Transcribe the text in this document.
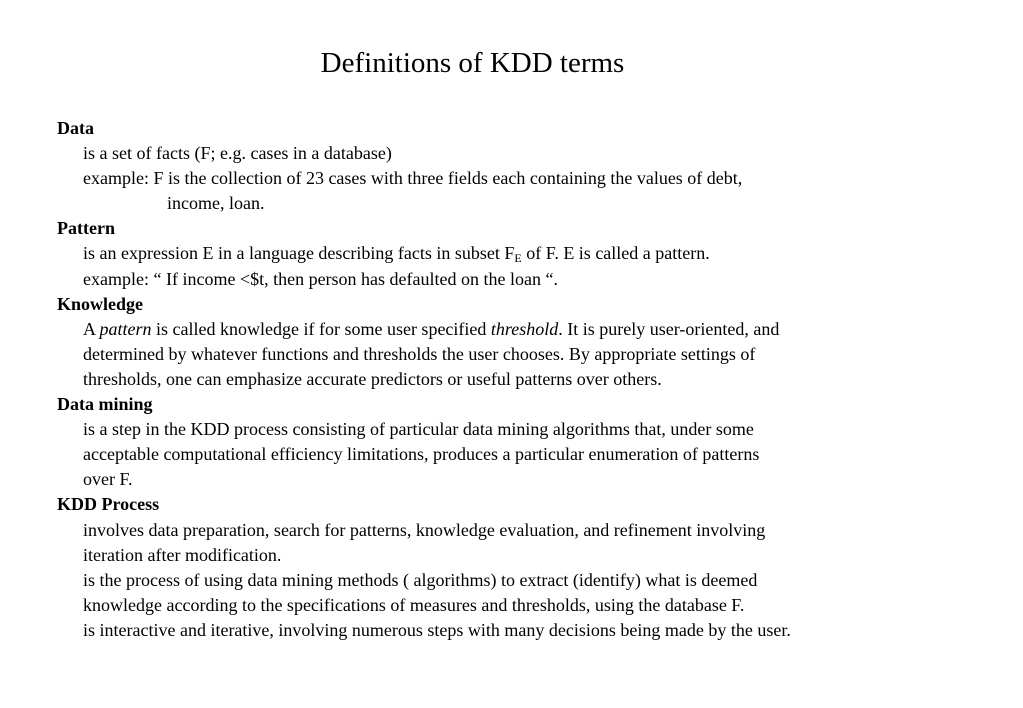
Definitions of KDD terms
Data
is a set of facts (F; e.g. cases in a database)
example: F is the collection of 23 cases with three fields each containing the values of debt,
income, loan.
Pattern
is an expression E in a language describing facts in subset $F_E$ of F. E is called a pattern.
example: “ If income <$t, then person has defaulted on the loan “.
Knowledge
A pattern is called knowledge if for some user specified threshold. It is purely user-oriented, and
determined by whatever functions and thresholds the user chooses. By appropriate settings of
thresholds, one can emphasize accurate predictors or useful patterns over others.
Data mining
is a step in the KDD process consisting of particular data mining algorithms that, under some
acceptable computational efficiency limitations, produces a particular enumeration of patterns
over F.
KDD Process
involves data preparation, search for patterns, knowledge evaluation, and refinement involving
iteration after modification.
is the process of using data mining methods ( algorithms) to extract (identify) what is deemed
knowledge according to the specifications of measures and thresholds, using the database F.
is interactive and iterative, involving numerous steps with many decisions being made by the user.
